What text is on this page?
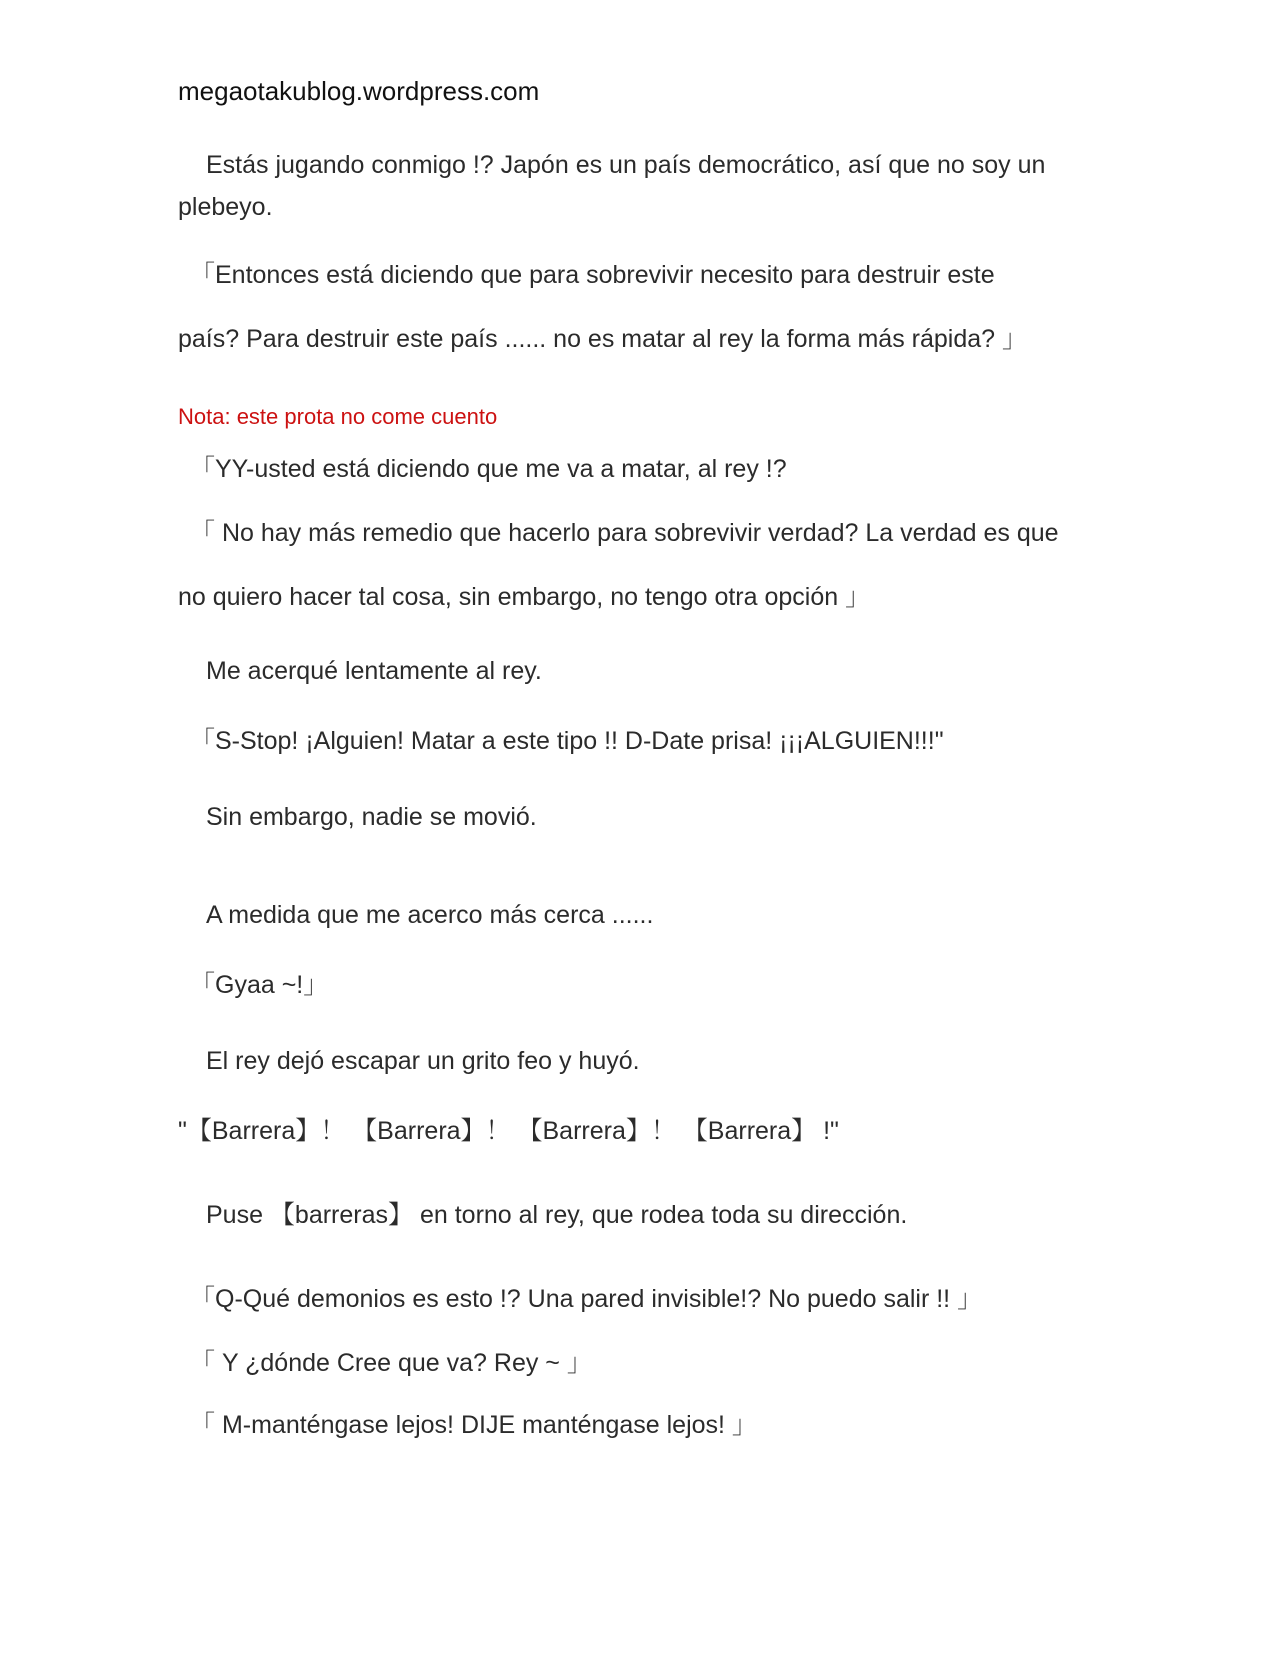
megaotakublog.wordpress.com
Estás jugando conmigo !? Japón es un país democrático, así que no soy un
plebeyo.
「Entonces está diciendo que para sobrevivir necesito para destruir este
país? Para destruir este país ...... no es matar al rey la forma más rápida? 」
Nota: este prota no come cuento
「YY-usted está diciendo que me va a matar, al rey !?
「 No hay más remedio que hacerlo para sobrevivir verdad? La verdad es que
no quiero hacer tal cosa, sin embargo, no tengo otra opción 」
Me acerqué lentamente al rey.
「S-Stop! ¡Alguien! Matar a este tipo !! D-Date prisa! ¡¡¡ALGUIEN!!!"
Sin embargo, nadie se movió.
A medida que me acerco más cerca ......
「Gyaa ~!」
El rey dejó escapar un grito feo y huyó.
"【Barrera】！ 【Barrera】！ 【Barrera】！ 【Barrera】 !"
Puse 【barreras】 en torno al rey, que rodea toda su dirección.
「Q-Qué demonios es esto !? Una pared invisible!? No puedo salir !! 」
「 Y ¿dónde Cree que va? Rey ~ 」
「 M-manténgase lejos! DIJE manténgase lejos! 」
